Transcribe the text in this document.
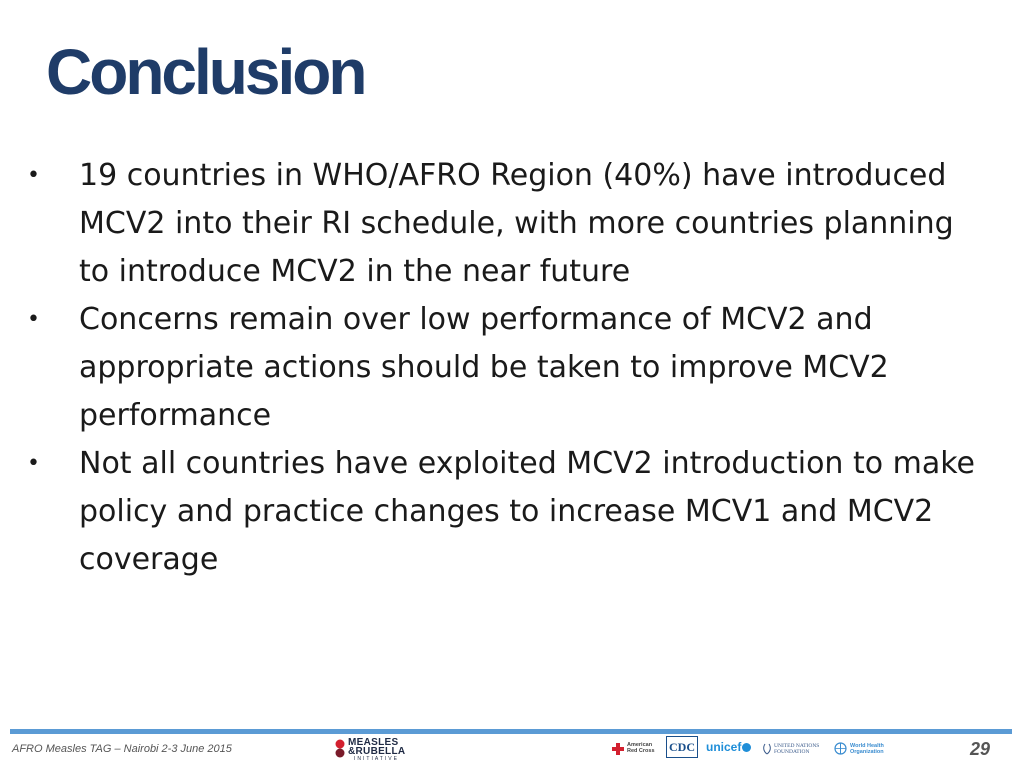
Conclusion
•	19 countries in WHO/AFRO Region (40%) have introduced MCV2 into their RI schedule, with more countries planning to introduce MCV2 in the near future
•	Concerns remain over low performance of MCV2 and appropriate actions should be taken to improve MCV2 performance
•	Not all countries have exploited MCV2 introduction to make policy and practice changes to increase MCV1 and MCV2 coverage
AFRO Measles TAG – Nairobi 2-3 June 2015
MEASLES
&RUBELLA
INITIATIVE
American
Red Cross CDC unicef	UNITED NATIONS
FOUNDATION
World Health
Organization	29
